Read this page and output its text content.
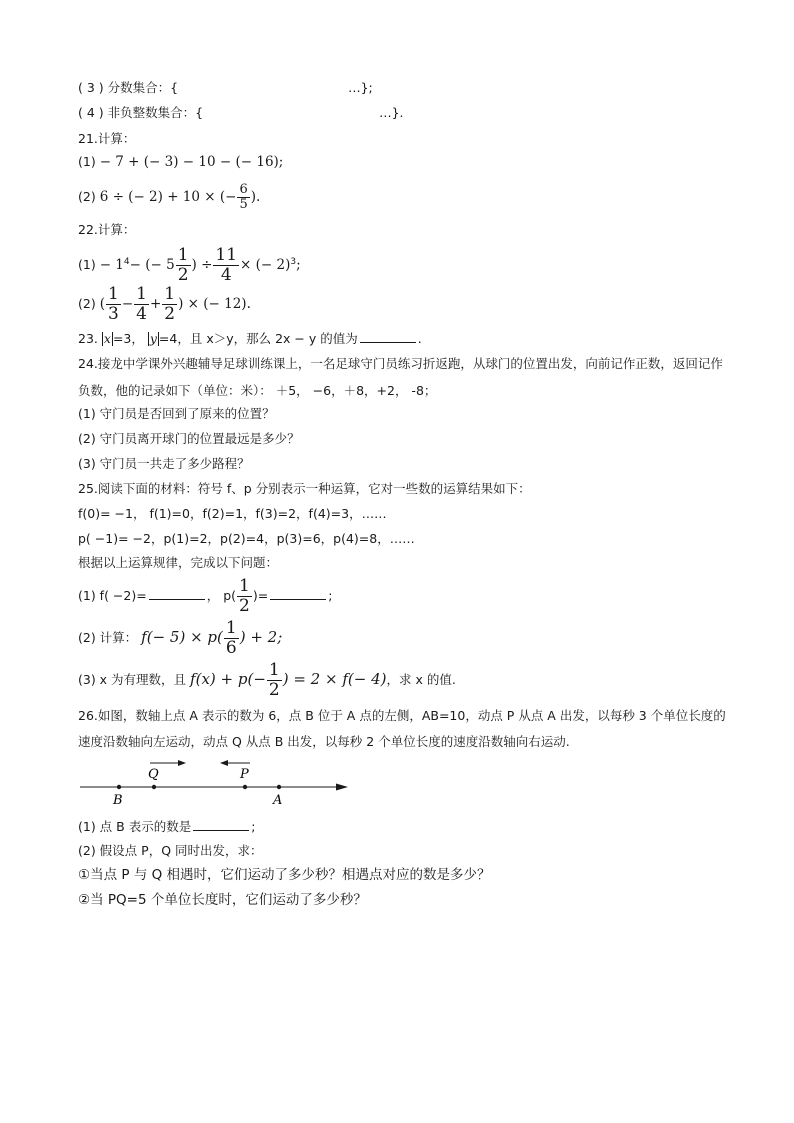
( 3 ) 分数集合：{	…};
( 4 ) 非负整数集合：{	…}.
21.计算：
(1) − 7 + (− 3) − 10 − (− 16);
(2) 6 ÷ (− 2) + 10 × (− $\frac{6}{5}$ ).
22.计算：
$(1) - 1^4-$ (− $5 \frac{1}{2}$ ) ÷ $\frac{11}{4}$ × (− 2)$^3$;
(2) ( $\frac{1}{3} - \frac{1}{4} + \frac{1}{2}$ ) × (− 12).
23. x =3， y =4，且 x＞y，那么 2x − y 的值为	.
24.接龙中学课外兴趣辅导足球训练课上，一名足球守门员练习折返跑，从球门的位置出发，向前记作正数，返回记作负数，他的记录如下（单位：米）： ＋5， −6，＋8，+2， -8；
(1) 守门员是否回到了原来的位置？
(2) 守门员离开球门的位置最远是多少？
(3) 守门员一共走了多少路程？
25.阅读下面的材料：符号 f、p 分别表示一种运算，它对一些数的运算结果如下：
f(0)= −1， f(1)=0，f(2)=1，f(3)=2，f(4)=3，……
p( −1)= −2，p(1)=2，p(2)=4，p(3)=6，p(4)=8，……
根据以上运算规律，完成以下问题：
(1) f( −2)=	， $p( \frac{1}{2}$ )=	;
(2) 计算： $f(- 5) \times p( \frac{1}{6}$ ) + 2;
(3) x 为有理数，且 $f(x) + p(- \frac{1}{2}$ ) = 2 × f(− 4)，求 x 的值.
26.如图，数轴上点 A 表示的数为 6，点 B 位于 A 点的左侧，AB=10，动点 P 从点 A 出发，以每秒 3 个单位长度的速度沿数轴向左运动，动点 Q 从点 B 出发，以每秒 2 个单位长度的速度沿数轴向右运动.
Q	P
B	A
(1) 点 B 表示的数是	;
(2) 假设点 P，Q 同时出发，求：
①当点 P 与 Q 相遇时，它们运动了多少秒？相遇点对应的数是多少？
②当 PQ=5 个单位长度时，它们运动了多少秒？
